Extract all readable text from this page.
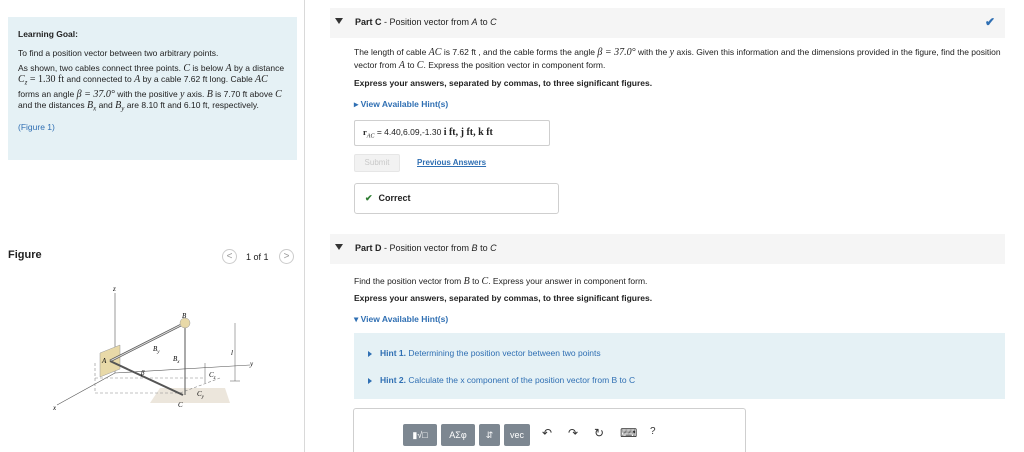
Learning Goal:

To find a position vector between two arbitrary points.

As shown, two cables connect three points. C is below A by a distance $C_z = 1.30$ ft and connected to A by a cable 7.62 ft long. Cable AC forms an angle β = 37.0° with the positive y axis. B is 7.70 ft above C and the distances $B_x$ and $B_y$ are 8.10 ft and 6.10 ft, respectively.

(Figure 1)

Figure	<	1 of 1	>
z
y
x
A
B
C
$B_y$
$B_x$
β	$C_z$
$C_y$
l
Part C - Position vector from A to C	✔
The length of cable AC is 7.62 ft , and the cable forms the angle β = 37.0° with the y axis. Given this information and the dimensions provided in the figure, find the position vector from A to C. Express the position vector in component form.
Express your answers, separated by commas, to three significant figures.
▸ View Available Hint(s)
$r_{AC} = 4.40,6.09,-1.30$ i ft, j ft, k ft
Submit	Previous Answers
✔ Correct
Part D - Position vector from B to C
Find the position vector from B to C. Express your answer in component form.
Express your answers, separated by commas, to three significant figures.
▾ View Available Hint(s)
Hint 1. Determining the position vector between two points
Hint 2. Calculate the x component of the position vector from B to C
▮√□	ΑΣφ	⇵	vec	↶ ↷ ↻ ⌨ ?
